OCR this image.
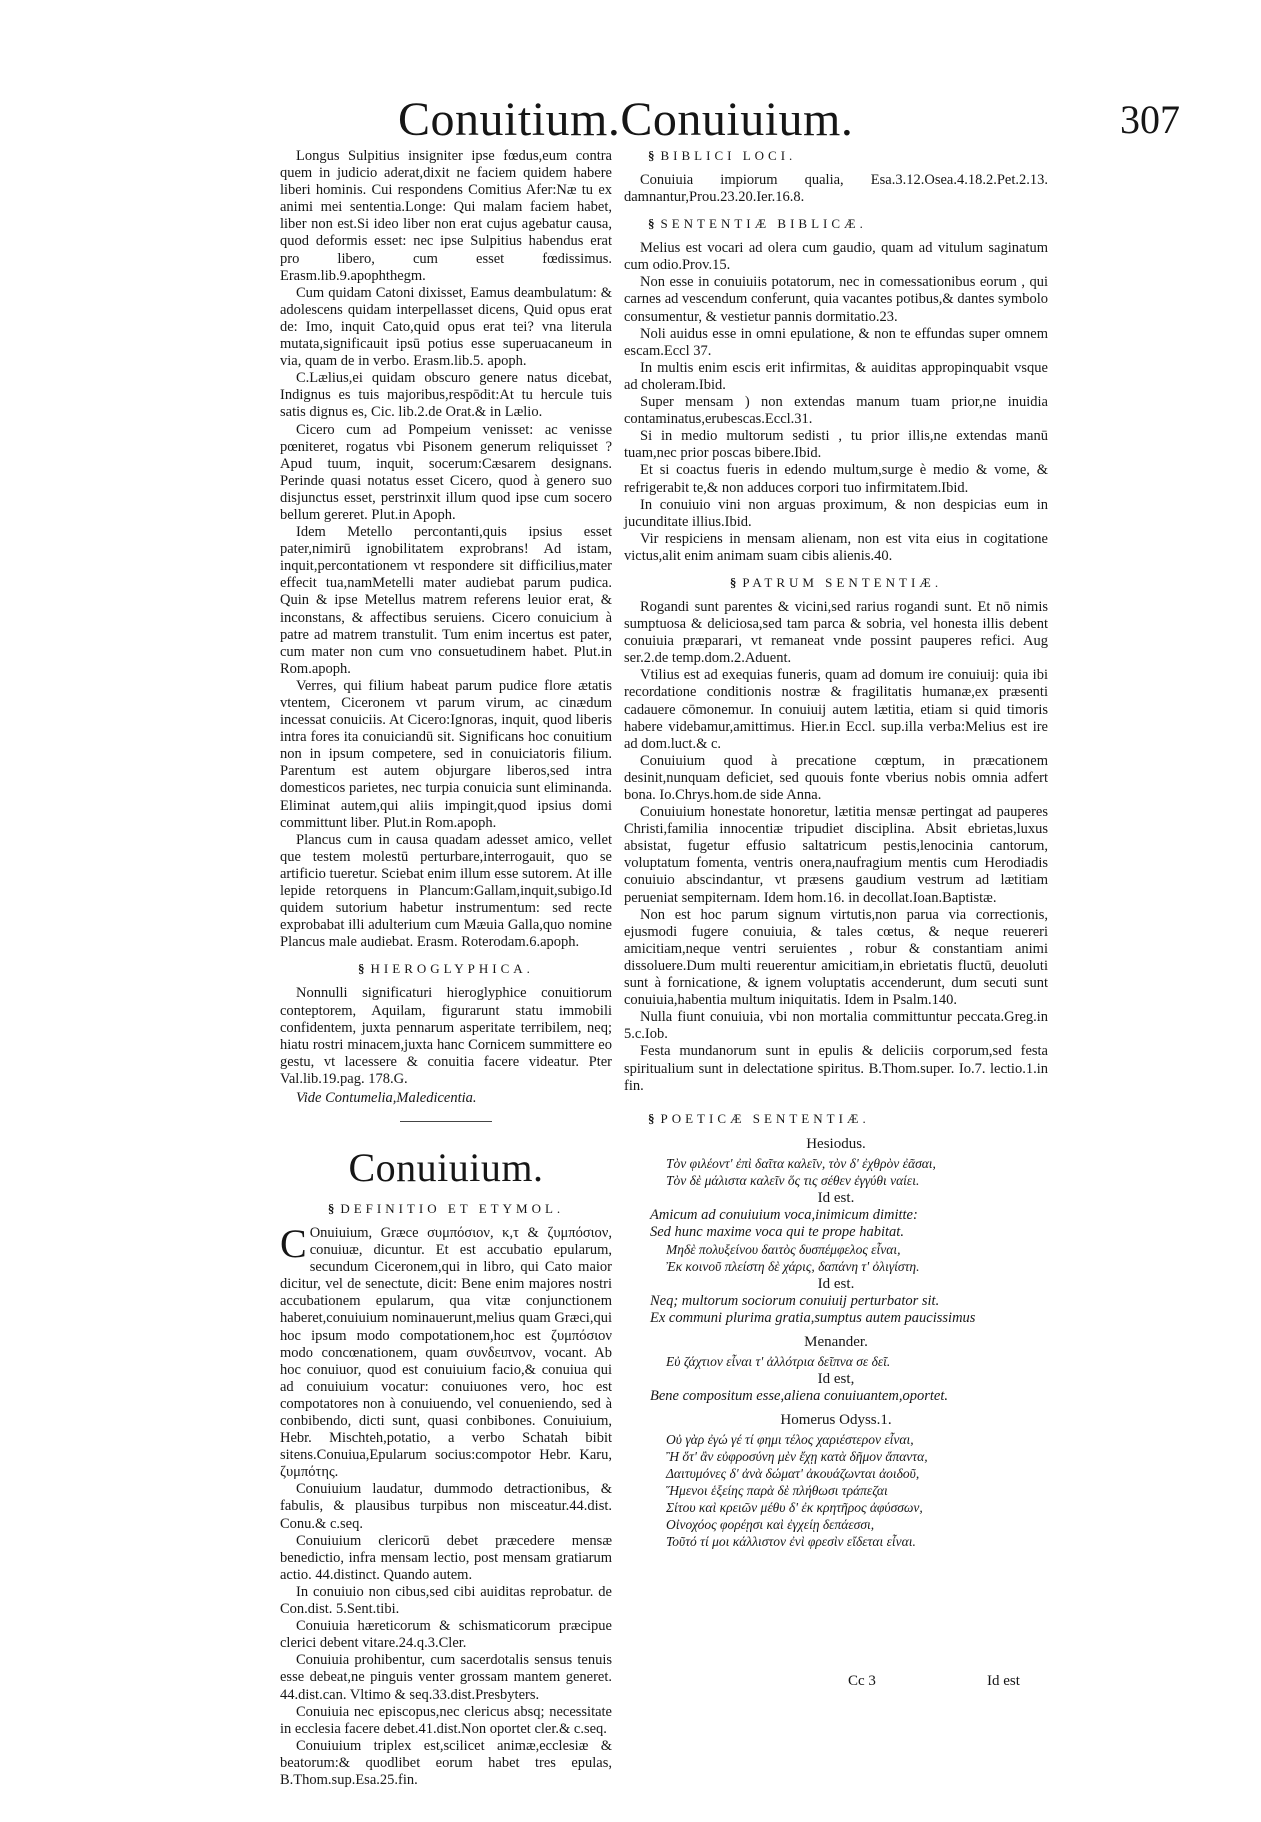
Conuitium.Conuiuium.	307

Longus Sulpitius insigniter ipse fœdus,eum contra quem in judicio aderat,dixit ne faciem quidem habere liberi hominis. Cui respondens Comitius Afer:Næ tu ex animi mei sententia.Longe: Qui malam faciem habet, liber non est.Si ideo liber non erat cujus agebatur causa, quod deformis esset: nec ipse Sulpitius habendus erat pro libero, cum esset fœdissimus. Erasm.lib.9.apophthegm.

Cum quidam Catoni dixisset, Eamus deambulatum: & adolescens quidam interpellasset dicens, Quid opus erat de: Imo, inquit Cato,quid opus erat tei? vna literula mutata,significauit ipsū potius esse superuacaneum in via, quam de in verbo. Erasm.lib.5. apoph.

C.Lælius,ei quidam obscuro genere natus dicebat, Indignus es tuis majoribus,respōdit:At tu hercule tuis satis dignus es, Cic. lib.2.de Orat.& in Lælio.

Cicero cum ad Pompeium venisset: ac venisse pœniteret, rogatus vbi Pisonem generum reliquisset ? Apud tuum, inquit, socerum:Cæsarem designans. Perinde quasi notatus esset Cicero, quod à genero suo disjunctus esset, perstrinxit illum quod ipse cum socero bellum gereret. Plut.in Apoph.

Idem Metello percontanti,quis ipsius esset pater,nimirū ignobilitatem exprobrans! Ad istam, inquit,percontationem vt respondere sit difficilius,mater effecit tua,namMetelli mater audiebat parum pudica. Quin & ipse Metellus matrem referens leuior erat, & inconstans, & affectibus seruiens. Cicero conuicium à patre ad matrem transtulit. Tum enim incertus est pater, cum mater non cum vno consuetudinem habet. Plut.in Rom.apoph.

Verres, qui filium habeat parum pudice flore ætatis vtentem, Ciceronem vt parum virum, ac cinædum incessat conuiciis. At Cicero:Ignoras, inquit, quod liberis intra fores ita conuiciandū sit. Significans hoc conuitium non in ipsum competere, sed in conuiciatoris filium. Parentum est autem objurgare liberos,sed intra domesticos parietes, nec turpia conuicia sunt eliminanda. Eliminat autem,qui aliis impingit,quod ipsius domi committunt liber. Plut.in Rom.apoph.

Plancus cum in causa quadam adesset amico, vellet que testem molestū perturbare,interrogauit, quo se artificio tueretur. Sciebat enim illum esse sutorem. At ille lepide retorquens in Plancum:Gallam,inquit,subigo.Id quidem sutorium habetur instrumentum: sed recte exprobabat illi adulterium cum Mæuia Galla,quo nomine Plancus male audiebat. Erasm. Roterodam.6.apoph.

§ HIEROGLYPHICA.

Nonnulli significaturi hieroglyphice conuitiorum conteptorem, Aquilam, figurarunt statu immobili confidentem, juxta pennarum asperitate terribilem, neq; hiatu rostri minacem,juxta hanc Cornicem summittere eo gestu, vt lacessere & conuitia facere videatur. Pter Val.lib.19.pag. 178.G.

Vide Contumelia,Maledicentia.

Conuiuium.
§ DEFINITIO ET ETYMOL.

C Onuiuium, Græce συμπόσιον, κ,τ & ζυμπόσιον, conuiuæ, dicuntur. Et est accubatio epularum, secundum Ciceronem,qui in libro, qui Cato maior dicitur, vel de senectute, dicit: Bene enim majores nostri accubationem epularum, qua vitæ conjunctionem haberet,conuiuium nominauerunt,melius quam Græci,qui hoc ipsum modo compotationem,hoc est ζυμπόσιον modo concœnationem, quam συνδειπνον, vocant. Ab hoc conuiuor, quod est conuiuium facio,& conuiua qui ad conuiuium vocatur: conuiuones vero, hoc est compotatores non à conuiuendo, vel conueniendo, sed à conbibendo, dicti sunt, quasi conbibones. Conuiuium, Hebr. Mischteh,potatio, a verbo Schatah bibit sitens.Conuiua,Epularum socius:compotor Hebr. Karu, ζυμπότης.

Conuiuium laudatur, dummodo detractionibus, & fabulis, & plausibus turpibus non misceatur.44.dist. Conu.& c.seq.

Conuiuium clericorū debet præcedere mensæ benedictio, infra mensam lectio, post mensam gratiarum actio. 44.distinct. Quando autem.

In conuiuio non cibus,sed cibi auiditas reprobatur. de Con.dist. 5.Sent.tibi.

Conuiuia hæreticorum & schismaticorum præcipue clerici debent vitare.24.q.3.Cler.

Conuiuia prohibentur, cum sacerdotalis sensus tenuis esse debeat,ne pinguis venter grossam mantem generet. 44.dist.can. Vltimo & seq.33.dist.Presbyters.

Conuiuia nec episcopus,nec clericus absq; necessitate in ecclesia facere debet.41.dist.Non oportet cler.& c.seq.

Conuiuium triplex est,scilicet animæ,ecclesiæ & beatorum:& quodlibet eorum habet tres epulas, B.Thom.sup.Esa.25.fin.

§ BIBLICI LOCI.

Conuiuia impiorum qualia, Esa.3.12.Osea.4.18.2.Pet.2.13. damnantur,Prou.23.20.Ier.16.8.

§ SENTENTIÆ BIBLICÆ.

Melius est vocari ad olera cum gaudio, quam ad vitulum saginatum cum odio.Prov.15.

Non esse in conuiuiis potatorum, nec in comessationibus eorum , qui carnes ad vescendum conferunt, quia vacantes potibus,& dantes symbolo consumentur, & vestietur pannis dormitatio.23.

Noli auidus esse in omni epulatione, & non te effundas super omnem escam.Eccl 37.

In multis enim escis erit infirmitas, & auiditas appropinquabit vsque ad choleram.Ibid.

Super mensam ) non extendas manum tuam prior,ne inuidia contaminatus,erubescas.Eccl.31.

Si in medio multorum sedisti , tu prior illis,ne extendas manū tuam,nec prior poscas bibere.Ibid.

Et si coactus fueris in edendo multum,surge è medio & vome, & refrigerabit te,& non adduces corpori tuo infirmitatem.Ibid.

In conuiuio vini non arguas proximum, & non despicias eum in jucunditate illius.Ibid.

Vir respiciens in mensam alienam, non est vita eius in cogitatione victus,alit enim animam suam cibis alienis.40.

§ PATRUM SENTENTIÆ.

Rogandi sunt parentes & vicini,sed rarius rogandi sunt. Et nō nimis sumptuosa & deliciosa,sed tam parca & sobria, vel honesta illis debent conuiuia præparari, vt remaneat vnde possint pauperes refici. Aug ser.2.de temp.dom.2.Aduent.

Vtilius est ad exequias funeris, quam ad domum ire conuiuij: quia ibi recordatione conditionis nostræ & fragilitatis humanæ,ex præsenti cadauere cōmonemur. In conuiuij autem lætitia, etiam si quid timoris habere videbamur,amittimus. Hier.in Eccl. sup.illa verba:Melius est ire ad dom.luct.& c.

Conuiuium quod à precatione cœptum, in præcationem desinit,nunquam deficiet, sed quouis fonte vberius nobis omnia adfert bona. Io.Chrys.hom.de side Anna.

Conuiuium honestate honoretur, lætitia mensæ pertingat ad pauperes Christi,familia innocentiæ tripudiet disciplina. Absit ebrietas,luxus absistat, fugetur effusio saltatricum pestis,lenocinia cantorum, voluptatum fomenta, ventris onera,naufragium mentis cum Herodiadis conuiuio abscindantur, vt præsens gaudium vestrum ad lætitiam perueniat sempiternam. Idem hom.16. in decollat.Ioan.Baptistæ.

Non est hoc parum signum virtutis,non parua via correctionis, ejusmodi fugere conuiuia, & tales cœtus, & neque reuereri amicitiam,neque ventri seruientes , robur & constantiam animi dissoluere.Dum multi reuerentur amicitiam,in ebrietatis fluctū, deuoluti sunt à fornicatione, & ignem voluptatis accenderunt, dum secuti sunt conuiuia,habentia multum iniquitatis. Idem in Psalm.140.

Nulla fiunt conuiuia, vbi non mortalia committuntur peccata.Greg.in 5.c.Iob.

Festa mundanorum sunt in epulis & deliciis corporum,sed festa spiritualium sunt in delectatione spiritus. B.Thom.super. Io.7. lectio.1.in fin.

§ POETICÆ SENTENTIÆ.

Hesiodus.

Τὸν φιλέοντ' ἐπὶ δαῖτα καλεῖν, τὸν δ' ἐχθρὸν ἐᾶσαι,

Τὸν δὲ μάλιστα καλεῖν ὅς τις σέθεν ἐγγύθι ναίει.

Id est.

Amicum ad conuiuium voca,inimicum dimitte:

Sed hunc maxime voca qui te prope habitat.

Μηδὲ πολυξείνου δαιτὸς δυσπέμφελος εἶναι,

Ἐκ κοινοῦ πλείστη δὲ χάρις, δαπάνη τ' ὀλιγίστη.

Id est.

Neq; multorum sociorum conuiuij perturbator sit.

Ex communi plurima gratia,sumptus autem paucissimus

Menander.

Εὐ ζάχτιον εἶναι τ' ἀλλότρια δεῖπνα σε δεῖ.

Id est,

Bene compositum esse,aliena conuiuantem,oportet.

Homerus Odyss.1.

Οὐ γὰρ ἐγώ γέ τί φημι τέλος χαριέστερον εἶναι,

Ἢ ὅτ' ἂν εὐφροσύνη μὲν ἔχῃ κατὰ δῆμον ἅπαντα,

Δαιτυμόνες δ' ἀνὰ δώματ' ἀκουάζωνται ἀοιδοῦ,

Ἥμενοι ἑξείης παρὰ δὲ πλήθωσι τράπεζαι

Σίτου καὶ κρειῶν μέθυ δ' ἐκ κρητῆρος ἀφύσσων,

Οἰνοχόος φορέῃσι καὶ ἐγχείῃ δεπάεσσι,

Τοῦτό τί μοι κάλλιστον ἐνὶ φρεσὶν εἴδεται εἶναι.

Cc 3	Id est
